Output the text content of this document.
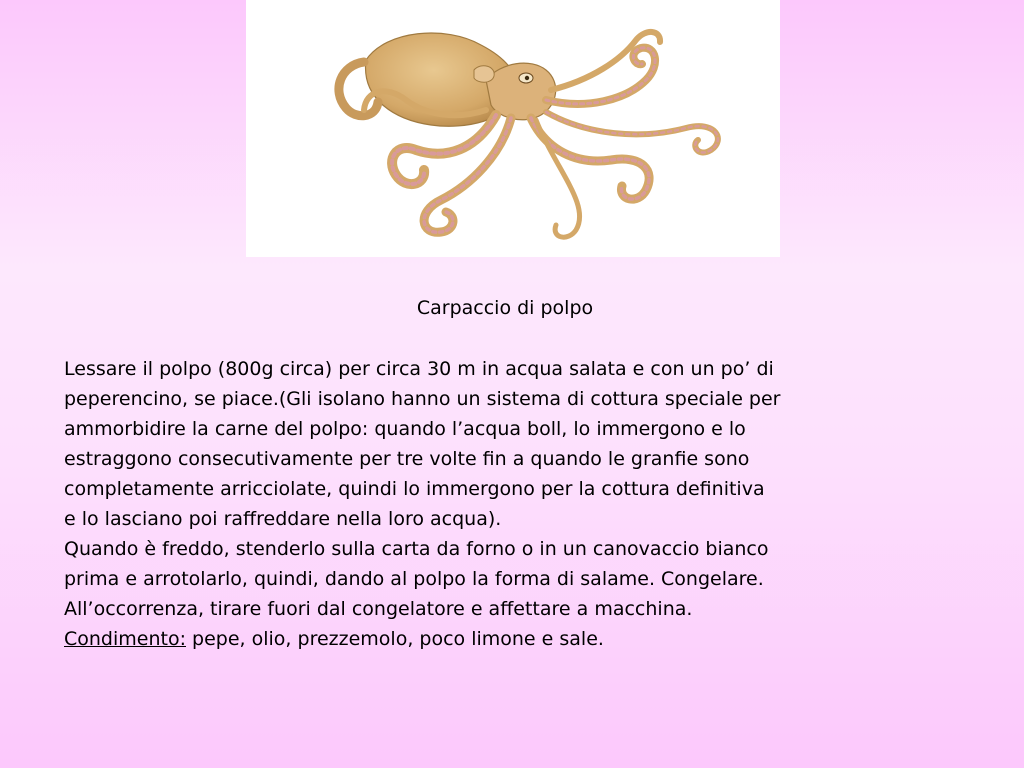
Carpaccio di polpo
Lessare il polpo (800g circa) per circa 30 m in acqua salata e con un po’ di
peperencino, se piace.(Gli isolano hanno un sistema di cottura speciale per
ammorbidire la carne del polpo: quando l’acqua boll, lo immergono e lo
estraggono consecutivamente per tre volte fin a quando le granfie sono
completamente arricciolate, quindi lo immergono per la cottura definitiva
e lo lasciano poi raffreddare nella loro acqua).
Quando è freddo, stenderlo sulla carta da forno o in un canovaccio bianco
prima e arrotolarlo, quindi, dando al polpo la forma di salame. Congelare.
All’occorrenza, tirare fuori dal congelatore e affettare a macchina.
Condimento: pepe, olio, prezzemolo, poco limone e sale.
